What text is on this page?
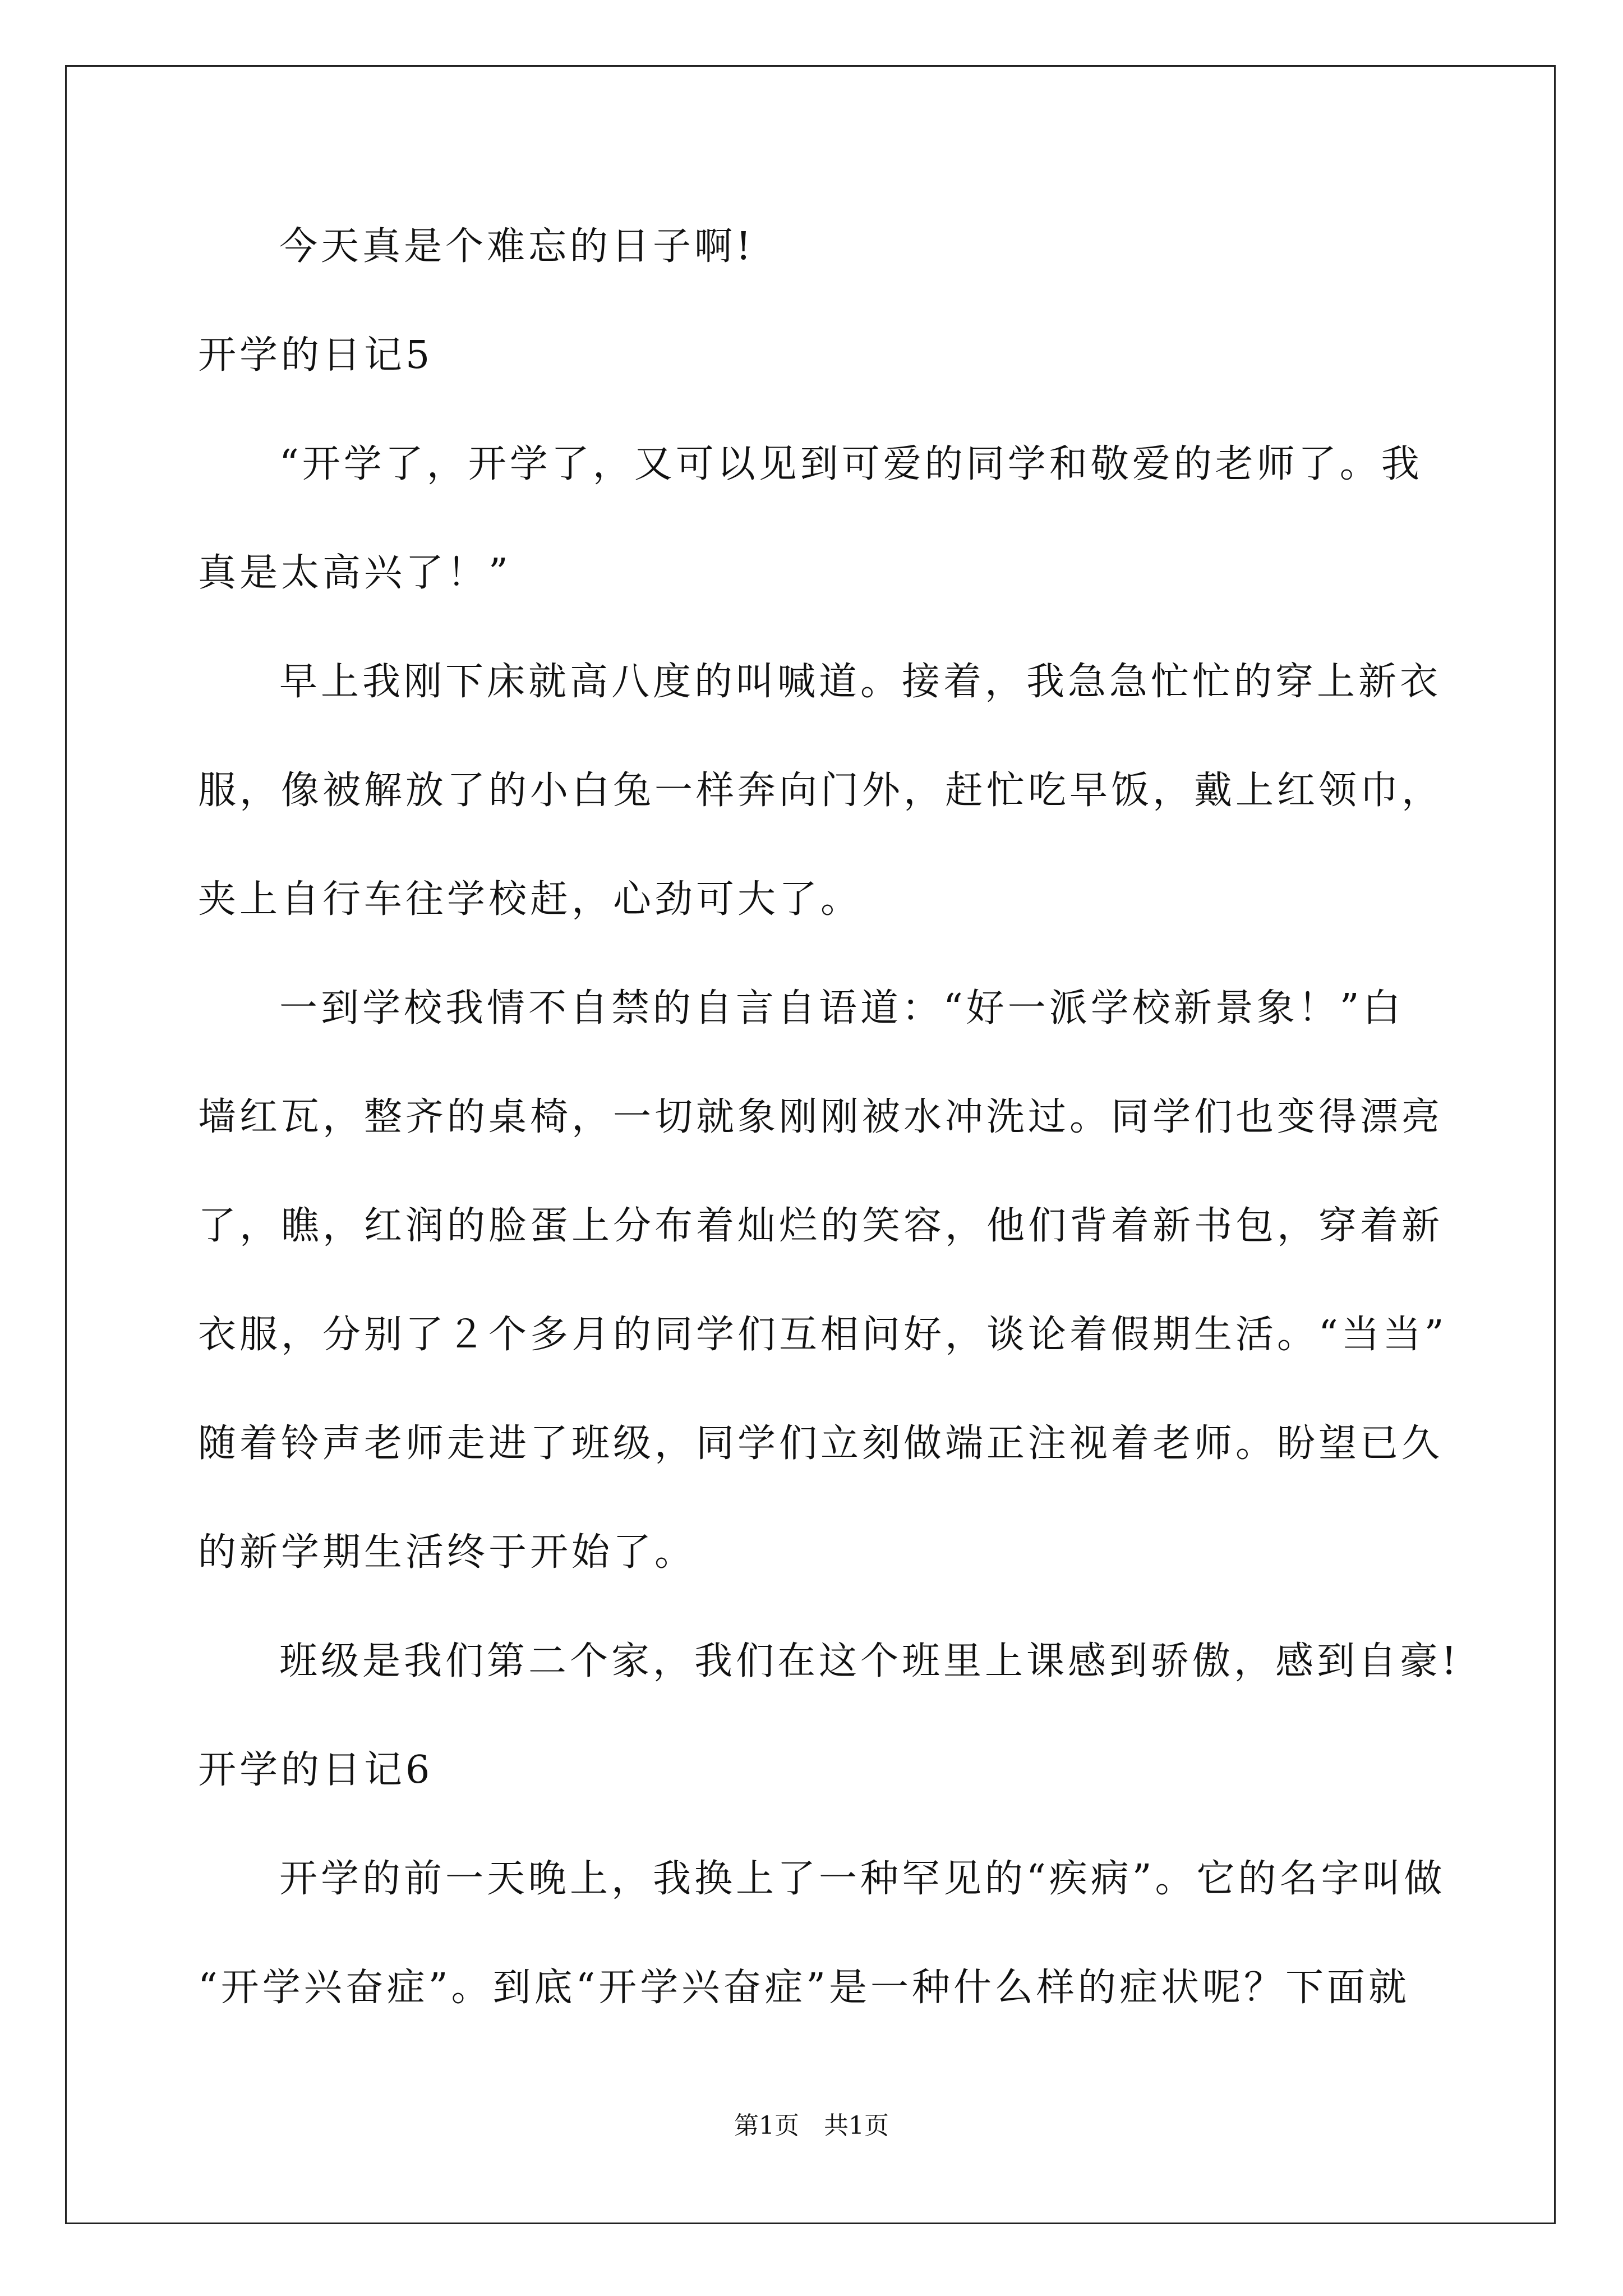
今天真是个难忘的日子啊!
开学的日记5
“开学了，开学了，又可以见到可爱的同学和敬爱的老师了。我
真是太高兴了！”
早上我刚下床就高八度的叫喊道。接着，我急急忙忙的穿上新衣
服，像被解放了的小白兔一样奔向门外，赶忙吃早饭，戴上红领巾，
夹上自行车往学校赶，心劲可大了。
一到学校我情不自禁的自言自语道：“好一派学校新景象！”白
墙红瓦，整齐的桌椅，一切就象刚刚被水冲洗过。同学们也变得漂亮
了，瞧，红润的脸蛋上分布着灿烂的笑容，他们背着新书包，穿着新
衣服，分别了２个多月的同学们互相问好，谈论着假期生活。“当当”
随着铃声老师走进了班级，同学们立刻做端正注视着老师。盼望已久
的新学期生活终于开始了。
班级是我们第二个家，我们在这个班里上课感到骄傲，感到自豪!
开学的日记6
开学的前一天晚上，我换上了一种罕见的“疾病”。它的名字叫做
“开学兴奋症”。到底“开学兴奋症”是一种什么样的症状呢？下面就
第1页　共1页
